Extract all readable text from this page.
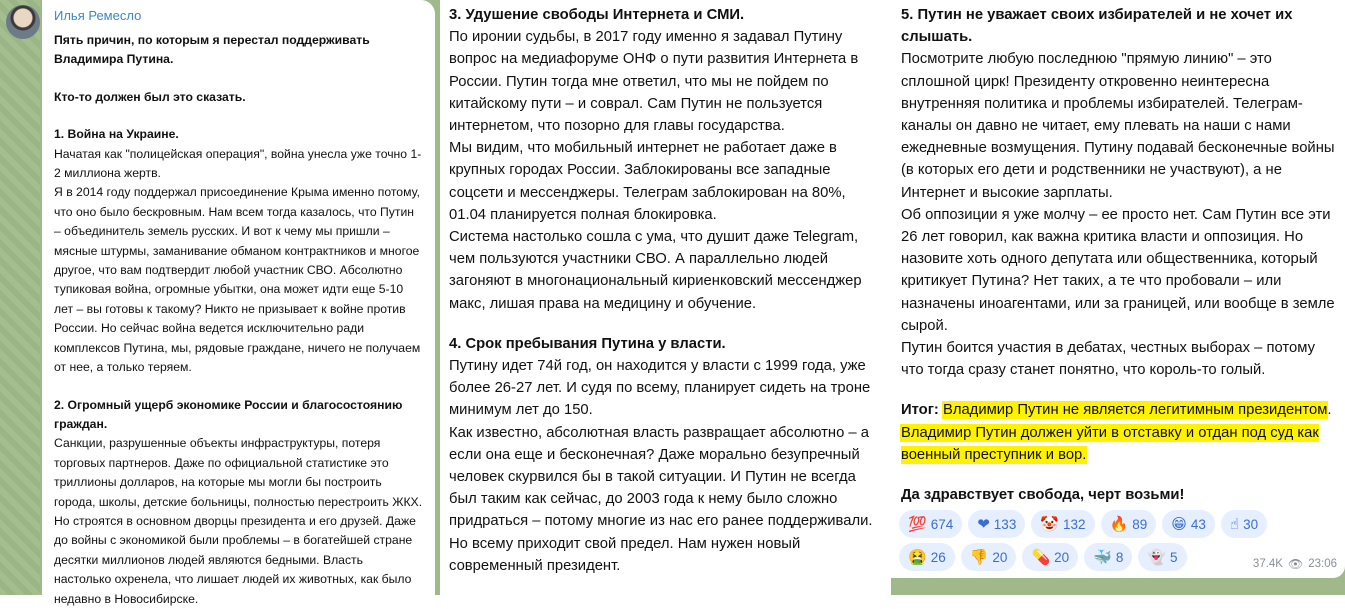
Илья Ремесло

Пять причин, по которым я перестал поддерживать Владимира Путина.

Кто-то должен был это сказать.

1. Война на Украине.

Начатая как "полицейская операция", война унесла уже точно 1-2 миллиона жертв.

Я в 2014 году поддержал присоединение Крыма именно потому, что оно было бескровным. Нам всем тогда казалось, что Путин – объединитель земель русских. И вот к чему мы пришли – мясные штурмы, заманивание обманом контрактников и многое другое, что вам подтвердит любой участник СВО. Абсолютно тупиковая война, огромные убытки, она может идти еще 5-10 лет – вы готовы к такому? Никто не призывает к войне против России. Но сейчас война ведется исключительно ради комплексов Путина, мы, рядовые граждане, ничего не получаем от нее, а только теряем.

2. Огромный ущерб экономике России и благосостоянию граждан.

Санкции, разрушенные объекты инфраструктуры, потеря торговых партнеров. Даже по официальной статистике это триллионы долларов, на которые мы могли бы построить города, школы, детские больницы, полностью перестроить ЖКХ. Но строятся в основном дворцы президента и его друзей. Даже до войны с экономикой были проблемы – в богатейшей стране десятки миллионов людей являются бедными. Власть настолько охренела, что лишает людей их животных, как было недавно в Новосибирске.

3. Удушение свободы Интернета и СМИ.

По иронии судьбы, в 2017 году именно я задавал Путину вопрос на медиафоруме ОНФ о пути развития Интернета в России. Путин тогда мне ответил, что мы не пойдем по китайскому пути – и соврал. Сам Путин не пользуется интернетом, что позорно для главы государства.

Мы видим, что мобильный интернет не работает даже в крупных городах России. Заблокированы все западные соцсети и мессенджеры. Телеграм заблокирован на 80%, 01.04 планируется полная блокировка.

Система настолько сошла с ума, что душит даже Telegram, чем пользуются участники СВО. А параллельно людей загоняют в многонациональный кириенковский мессенджер макс, лишая права на медицину и обучение.

4. Срок пребывания Путина у власти.

Путину идет 74й год, он находится у власти с 1999 года, уже более 26-27 лет. И судя по всему, планирует сидеть на троне минимум лет до 150.

Как известно, абсолютная власть развращает абсолютно – а если она еще и бесконечная? Даже морально безупречный человек скурвился бы в такой ситуации. И Путин не всегда был таким как сейчас, до 2003 года к нему было сложно придраться – потому многие из нас его ранее поддерживали. Но всему приходит свой предел. Нам нужен новый современный президент.

5. Путин не уважает своих избирателей и не хочет их слышать.

Посмотрите любую последнюю "прямую линию" – это сплошной цирк! Президенту откровенно неинтересна внутренняя политика и проблемы избирателей. Телеграм-каналы он давно не читает, ему плевать на наши с нами ежедневные возмущения. Путину подавай бесконечные войны (в которых его дети и родственники не участвуют), а не Интернет и высокие зарплаты.

Об оппозиции я уже молчу – ее просто нет. Сам Путин все эти 26 лет говорил, как важна критика власти и оппозиция. Но назовите хоть одного депутата или общественника, который критикует Путина? Нет таких, а те что пробовали – или назначены иноагентами, или за границей, или вообще в земле сырой.

Путин боится участия в дебатах, честных выборах – потому что тогда сразу станет понятно, что король-то голый.

Итог: Владимир Путин не является легитимным президентом.
Владимир Путин должен уйти в отставку и отдан под суд как военный преступник и вор.

Да здравствует свобода, черт возьми!

💯 674 ❤ 133 🤡 132 🔥 89 😁 43 ☝ 30
🤮 26 👎 20 💊 20 🐳 8 👻 5	37.4K 👁 23:06
